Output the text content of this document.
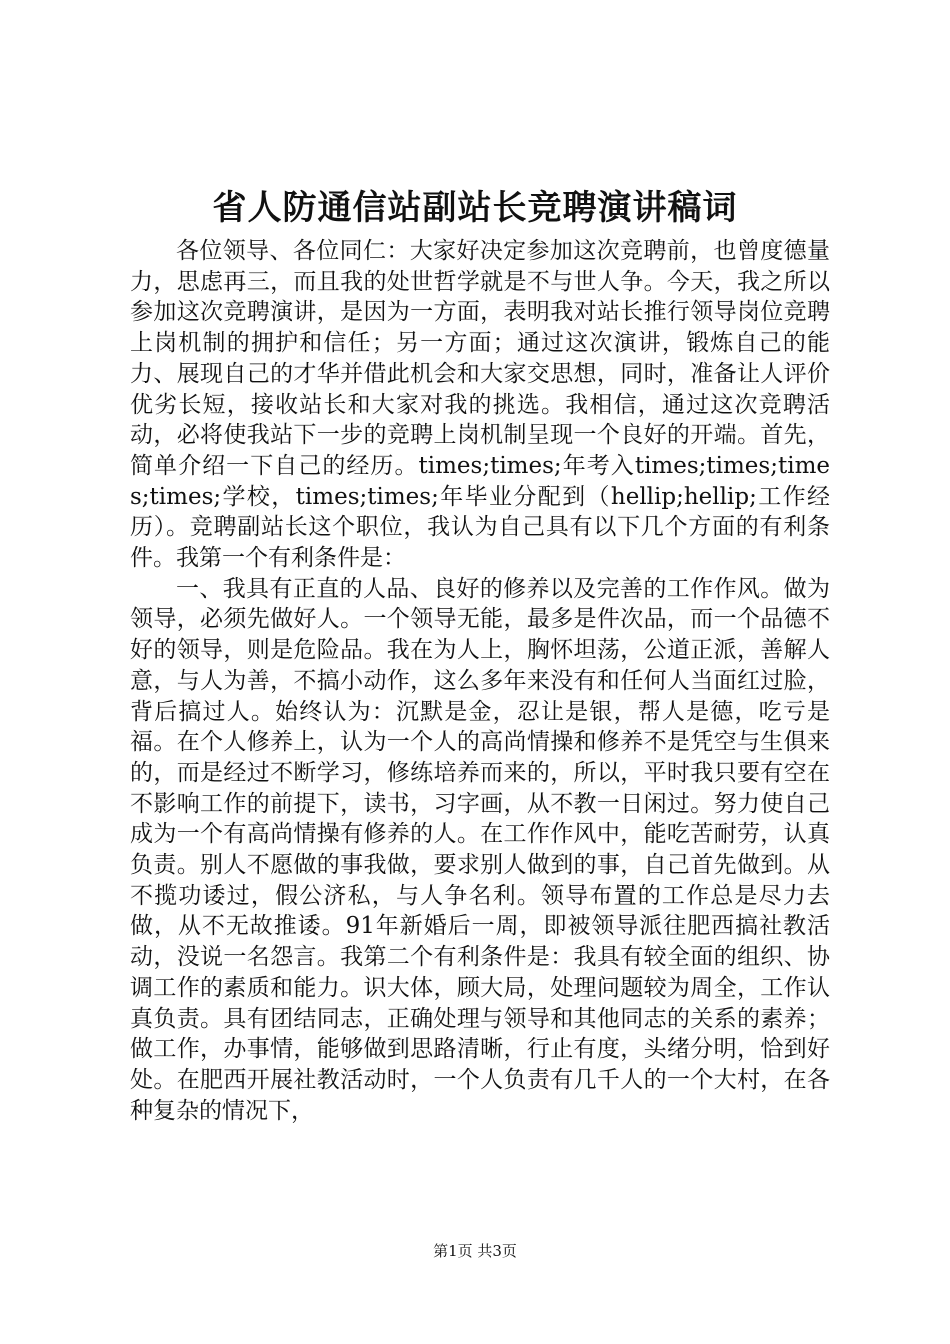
省人防通信站副站长竞聘演讲稿词

各位领导、各位同仁：大家好决定参加这次竞聘前，也曾度德量力，思虑再三，而且我的处世哲学就是不与世人争。今天，我之所以参加这次竞聘演讲，是因为一方面，表明我对站长推行领导岗位竞聘上岗机制的拥护和信任；另一方面；通过这次演讲，锻炼自己的能力、展现自己的才华并借此机会和大家交思想，同时，准备让人评价优劣长短，接收站长和大家对我的挑选。我相信，通过这次竞聘活动，必将使我站下一步的竞聘上岗机制呈现一个良好的开端。首先，简单介绍一下自己的经历。times;times;年考入times;times;times;times;学校，times;times;年毕业分配到（hellip;hellip;工作经历）。竞聘副站长这个职位，我认为自己具有以下几个方面的有利条件。我第一个有利条件是：

一、我具有正直的人品、良好的修养以及完善的工作作风。做为领导，必须先做好人。一个领导无能，最多是件次品，而一个品德不好的领导，则是危险品。我在为人上，胸怀坦荡，公道正派，善解人意，与人为善，不搞小动作，这么多年来没有和任何人当面红过脸，背后搞过人。始终认为：沉默是金，忍让是银，帮人是德，吃亏是福。在个人修养上，认为一个人的高尚情操和修养不是凭空与生俱来的，而是经过不断学习，修练培养而来的，所以，平时我只要有空在不影响工作的前提下，读书，习字画，从不教一日闲过。努力使自己成为一个有高尚情操有修养的人。在工作作风中，能吃苦耐劳，认真负责。别人不愿做的事我做，要求别人做到的事，自己首先做到。从不揽功诿过，假公济私，与人争名利。领导布置的工作总是尽力去做，从不无故推诿。91年新婚后一周，即被领导派往肥西搞社教活动，没说一名怨言。我第二个有利条件是：我具有较全面的组织、协调工作的素质和能力。识大体，顾大局，处理问题较为周全，工作认真负责。具有团结同志，正确处理与领导和其他同志的关系的素养；做工作，办事情，能够做到思路清晰，行止有度，头绪分明，恰到好处。在肥西开展社教活动时，一个人负责有几千人的一个大村，在各种复杂的情况下，

第1页 共3页
